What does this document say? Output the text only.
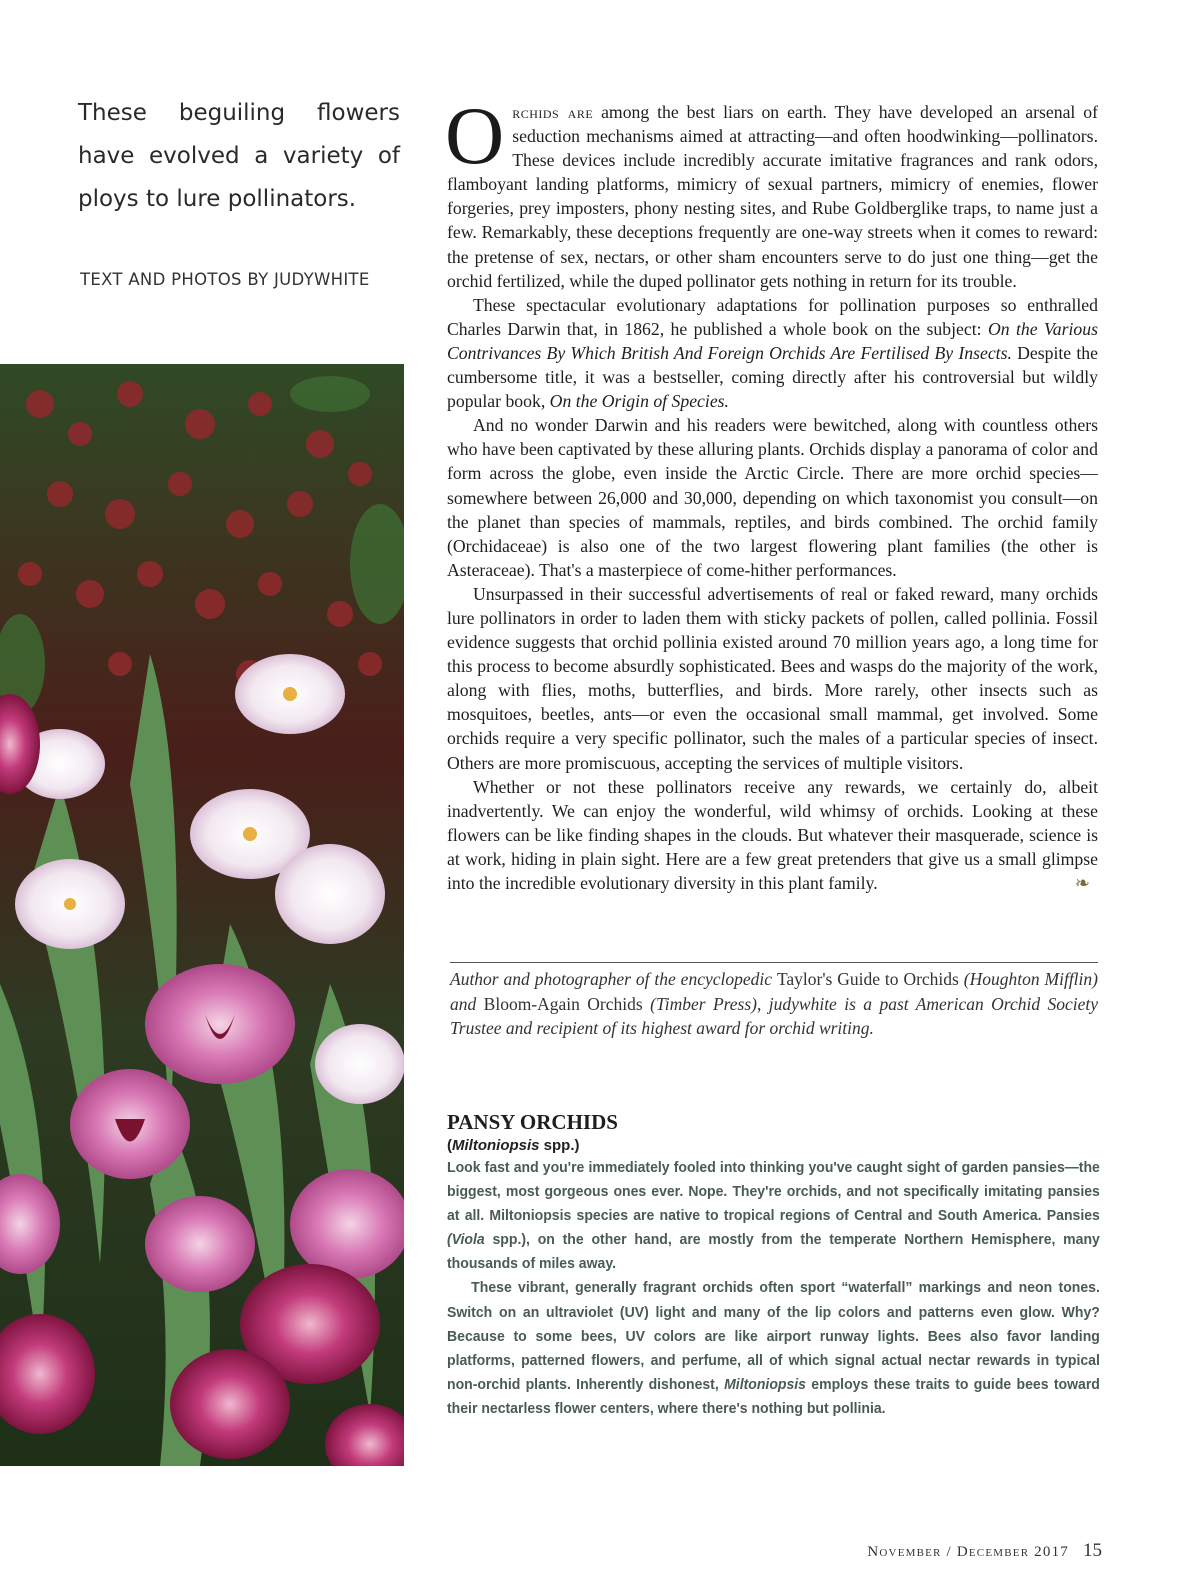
These beguiling flowers have evolved a variety of ploys to lure pollinators.
TEXT AND PHOTOS BY JUDYWHITE

Orchids are among the best liars on earth. They have developed an arsenal of seduction mechanisms aimed at attracting—and often hoodwinking—pollinators. These devices include incredibly accurate imitative fragrances and rank odors, flamboyant landing platforms, mimicry of sexual partners, mimicry of enemies, flower forgeries, prey imposters, phony nesting sites, and Rube Goldberglike traps, to name just a few. Remarkably, these deceptions frequently are one-way streets when it comes to reward: the pretense of sex, nectars, or other sham encounters serve to do just one thing—get the orchid fertilized, while the duped pollinator gets nothing in return for its trouble.

These spectacular evolutionary adaptations for pollination purposes so enthralled Charles Darwin that, in 1862, he published a whole book on the subject: On the Various Contrivances By Which British And Foreign Orchids Are Fertilised By Insects. Despite the cumbersome title, it was a bestseller, coming directly after his controversial but wildly popular book, On the Origin of Species.

And no wonder Darwin and his readers were bewitched, along with countless others who have been captivated by these alluring plants. Orchids display a panorama of color and form across the globe, even inside the Arctic Circle. There are more orchid species—somewhere between 26,000 and 30,000, depending on which taxonomist you consult—on the planet than species of mammals, reptiles, and birds combined. The orchid family (Orchidaceae) is also one of the two largest flowering plant families (the other is Asteraceae). That's a masterpiece of come-hither performances.

Unsurpassed in their successful advertisements of real or faked reward, many orchids lure pollinators in order to laden them with sticky packets of pollen, called pollinia. Fossil evidence suggests that orchid pollinia existed around 70 million years ago, a long time for this process to become absurdly sophisticated. Bees and wasps do the majority of the work, along with flies, moths, butterflies, and birds. More rarely, other insects such as mosquitoes, beetles, ants—or even the occasional small mammal, get involved. Some orchids require a very specific pollinator, such the males of a particular species of insect. Others are more promiscuous, accepting the services of multiple visitors.

Whether or not these pollinators receive any rewards, we certainly do, albeit inadvertently. We can enjoy the wonderful, wild whimsy of orchids. Looking at these flowers can be like finding shapes in the clouds. But whatever their masquerade, science is at work, hiding in plain sight. Here are a few great pretenders that give us a small glimpse into the incredible evolutionary diversity in this plant family.	❧

Author and photographer of the encyclopedic Taylor's Guide to Orchids (Houghton Mifflin) and Bloom-Again Orchids (Timber Press), judywhite is a past American Orchid Society Trustee and recipient of its highest award for orchid writing.
PANSY ORCHIDS
(Miltoniopsis spp.)

Look fast and you're immediately fooled into thinking you've caught sight of garden pansies—the biggest, most gorgeous ones ever. Nope. They're orchids, and not specifically imitating pansies at all. Miltoniopsis species are native to tropical regions of Central and South America. Pansies (Viola spp.), on the other hand, are mostly from the temperate Northern Hemisphere, many thousands of miles away.

These vibrant, generally fragrant orchids often sport “waterfall” markings and neon tones. Switch on an ultraviolet (UV) light and many of the lip colors and patterns even glow. Why? Because to some bees, UV colors are like airport runway lights. Bees also favor landing platforms, patterned flowers, and perfume, all of which signal actual nectar rewards in typical non-orchid plants. Inherently dishonest, Miltoniopsis employs these traits to guide bees toward their nectarless flower centers, where there's nothing but pollinia.

November / December 2017 15
